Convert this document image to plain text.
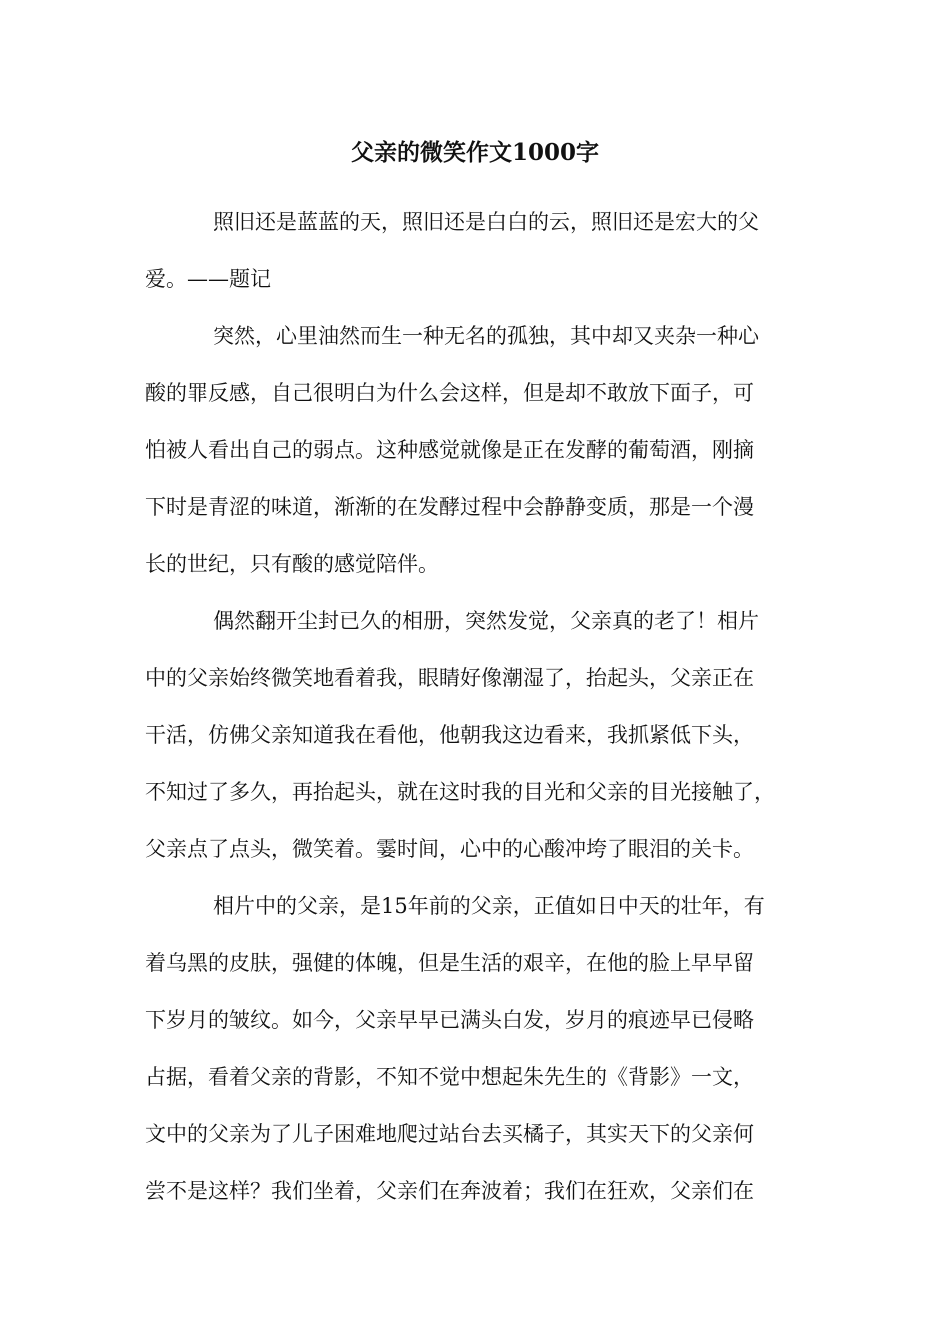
父亲的微笑作文1000字

照旧还是蓝蓝的天，照旧还是白白的云，照旧还是宏大的父

爱。——题记

突然，心里油然而生一种无名的孤独，其中却又夹杂一种心

酸的罪反感，自己很明白为什么会这样，但是却不敢放下面子，可

怕被人看出自己的弱点。这种感觉就像是正在发酵的葡萄酒，刚摘

下时是青涩的味道，渐渐的在发酵过程中会静静变质，那是一个漫

长的世纪，只有酸的感觉陪伴。

偶然翻开尘封已久的相册，突然发觉，父亲真的老了！相片

中的父亲始终微笑地看着我，眼睛好像潮湿了，抬起头，父亲正在

干活，仿佛父亲知道我在看他，他朝我这边看来，我抓紧低下头，

不知过了多久，再抬起头，就在这时我的目光和父亲的目光接触了，

父亲点了点头，微笑着。霎时间，心中的心酸冲垮了眼泪的关卡。

相片中的父亲，是15年前的父亲，正值如日中天的壮年，有

着乌黑的皮肤，强健的体魄，但是生活的艰辛，在他的脸上早早留

下岁月的皱纹。如今，父亲早早已满头白发，岁月的痕迹早已侵略

占据，看着父亲的背影，不知不觉中想起朱先生的《背影》一文，

文中的父亲为了儿子困难地爬过站台去买橘子，其实天下的父亲何

尝不是这样？我们坐着，父亲们在奔波着；我们在狂欢，父亲们在
